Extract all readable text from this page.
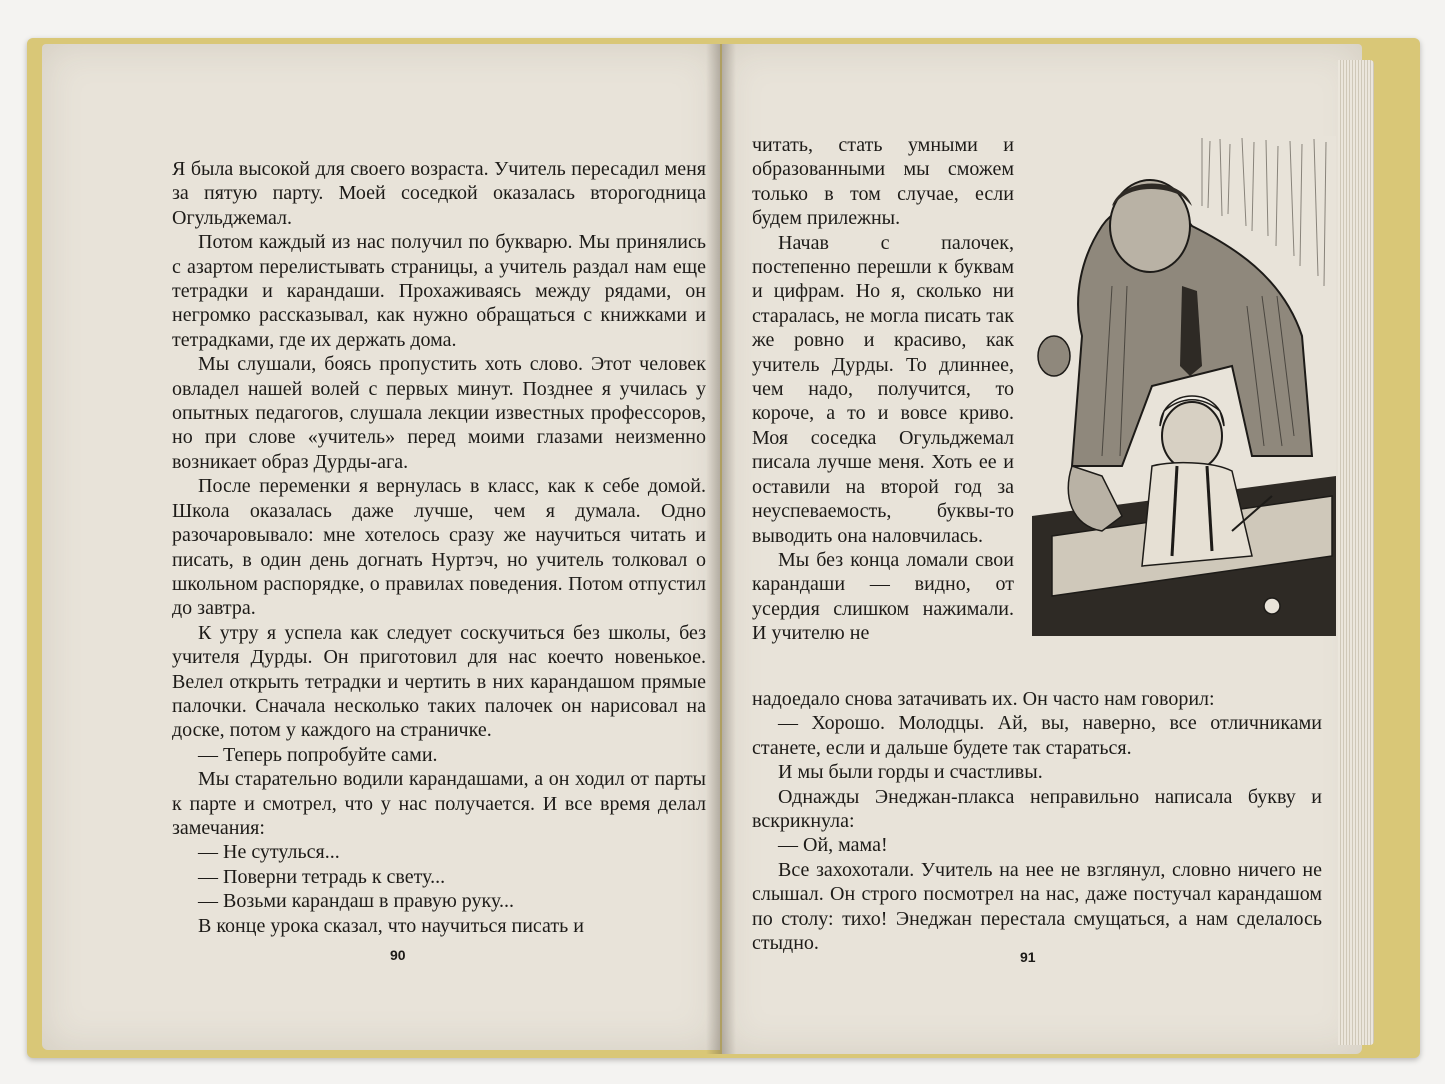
Я была высокой для своего возраста. Учитель пересадил меня за пятую парту. Моей соседкой оказалась второгодница Огульджемал.

Потом каждый из нас получил по букварю. Мы принялись с азартом перелистывать страницы, а учитель раздал нам еще тетрадки и карандаши. Прохаживаясь между рядами, он негромко рассказывал, как нужно обращаться с книжками и тетрадками, где их держать дома.

Мы слушали, боясь пропустить хоть слово. Этот человек овладел нашей волей с первых минут. Позднее я училась у опытных педагогов, слушала лекции известных профессоров, но при слове «учитель» перед моими глазами неизменно возникает образ Дурды-ага.

После переменки я вернулась в класс, как к себе домой. Школа оказалась даже лучше, чем я думала. Одно разочаровывало: мне хотелось сразу же научиться читать и писать, в один день догнать Нуртэч, но учитель толковал о школьном распорядке, о правилах поведения. Потом отпустил до завтра.

К утру я успела как следует соскучиться без школы, без учителя Дурды. Он приготовил для нас коечто новенькое. Велел открыть тетрадки и чертить в них карандашом прямые палочки. Сначала несколько таких палочек он нарисовал на доске, потом у каждого на страничке.

— Теперь попробуйте сами.

Мы старательно водили карандашами, а он ходил от парты к парте и смотрел, что у нас получается. И все время делал замечания:

— Не сутулься...

— Поверни тетрадь к свету...

— Возьми карандаш в правую руку...

В конце урока сказал, что научиться писать и

90

читать, стать умными и образованными мы сможем только в том случае, если будем прилежны.

Начав с палочек, постепенно перешли к буквам и цифрам. Но я, сколько ни старалась, не могла писать так же ровно и красиво, как учитель Дурды. То длиннее, чем надо, получится, то короче, а то и вовсе криво. Моя соседка Огульджемал писала лучше меня. Хоть ее и оставили на второй год за неуспеваемость, буквы-то выводить она наловчилась.

Мы без конца ломали свои карандаши — видно, от усердия слишком нажимали. И учителю не

надоедало снова затачивать их. Он часто нам говорил:

— Хорошо. Молодцы. Ай, вы, наверно, все отличниками станете, если и дальше будете так стараться.

И мы были горды и счастливы.

Однажды Энеджан-плакса неправильно написала букву и вскрикнула:

— Ой, мама!

Все захохотали. Учитель на нее не взглянул, словно ничего не слышал. Он строго посмотрел на нас, даже постучал карандашом по столу: тихо! Энеджан перестала смущаться, а нам сделалось стыдно.

91
